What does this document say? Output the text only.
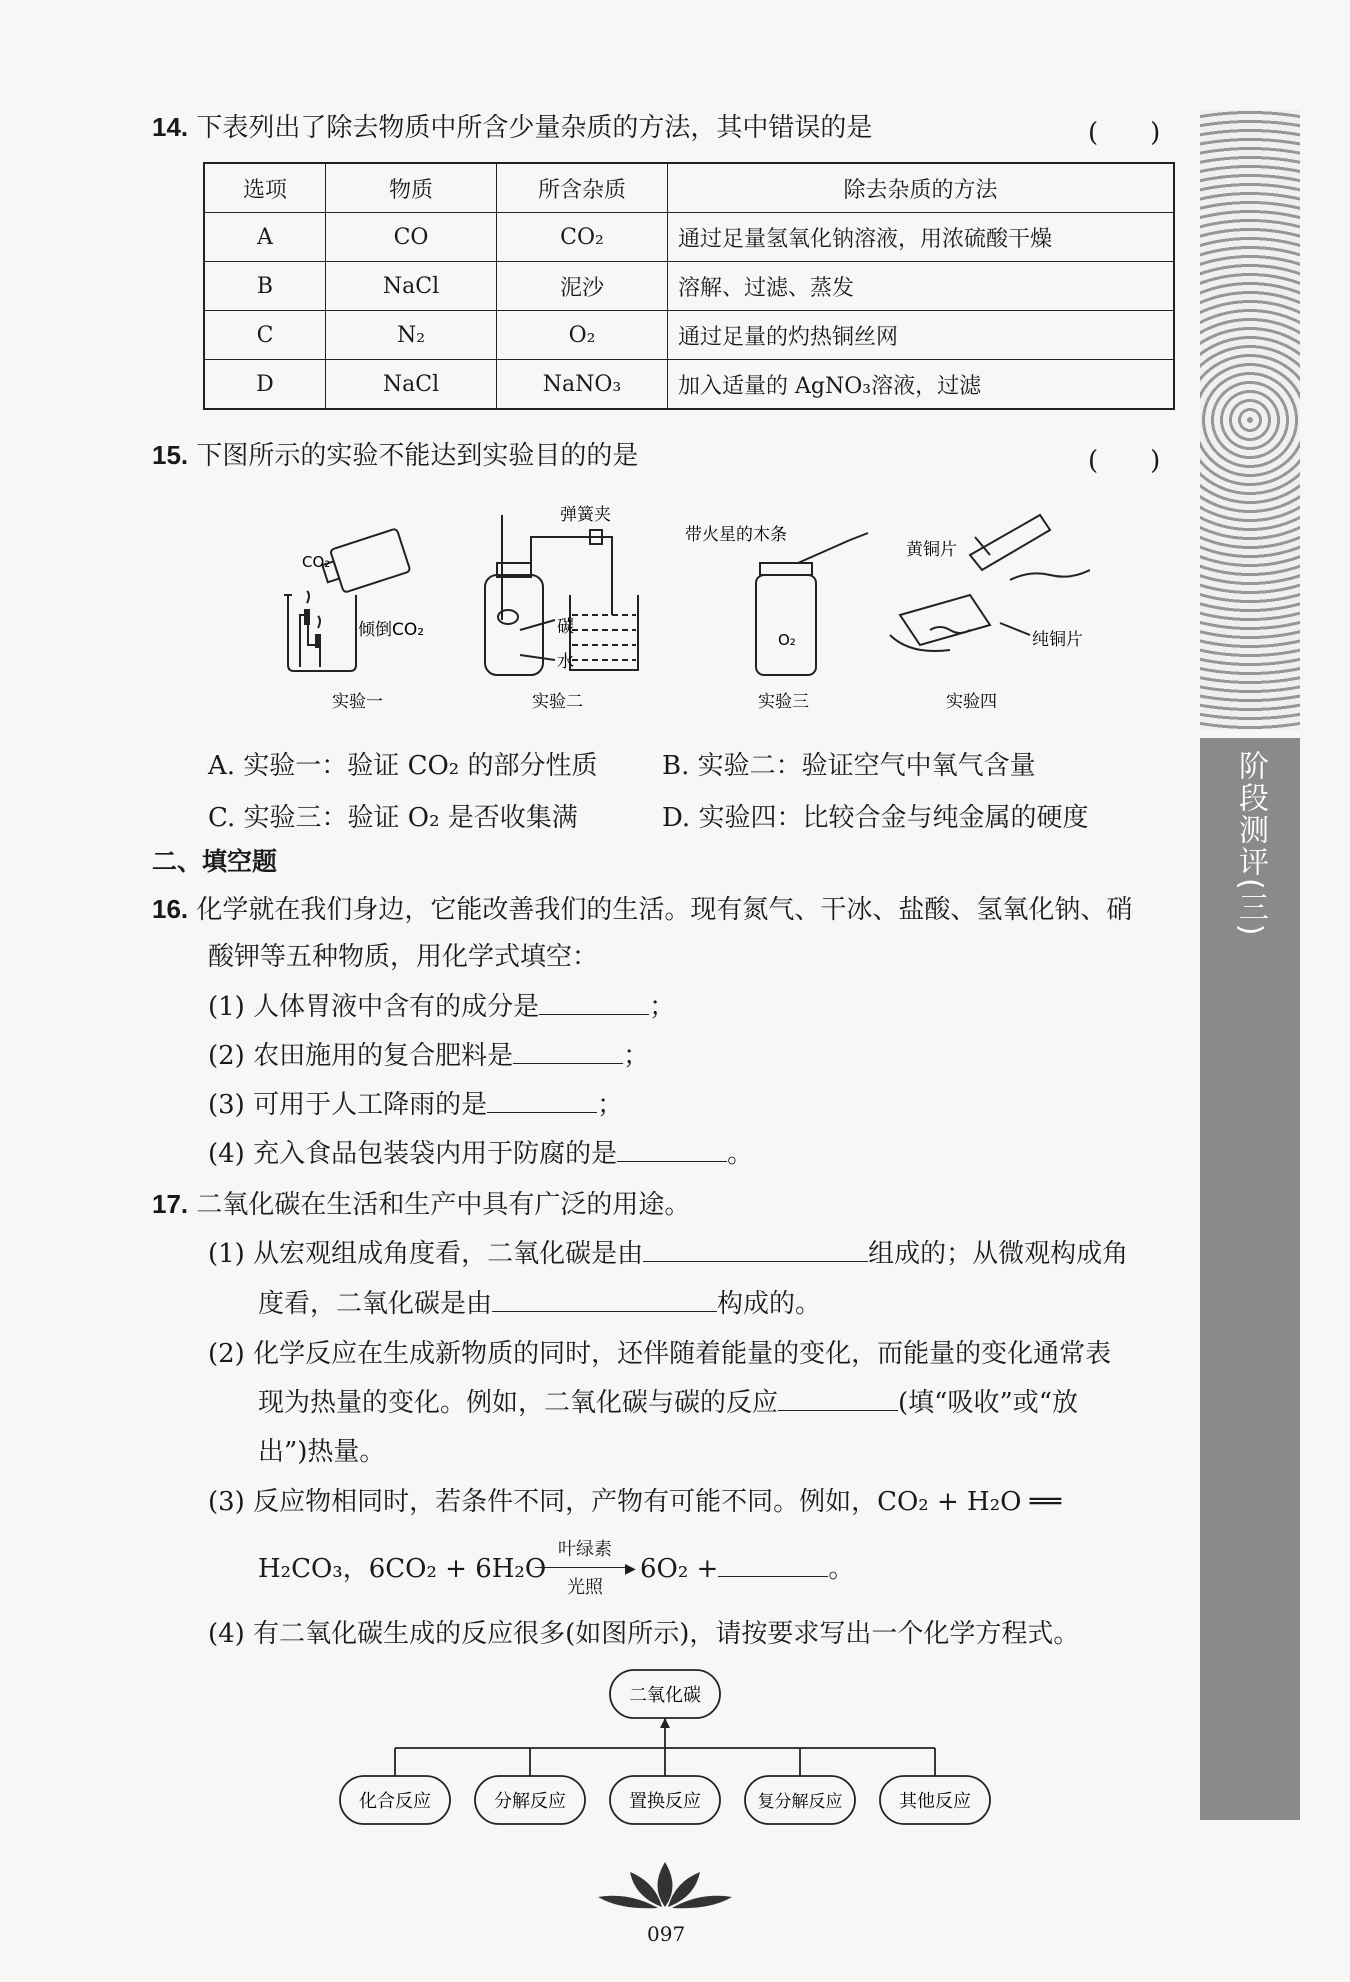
14. 下表列出了除去物质中所含少量杂质的方法，其中错误的是	(　　)
选项	物质	所含杂质	除去杂质的方法
A	CO	CO₂	通过足量氢氧化钠溶液，用浓硫酸干燥
B	NaCl	泥沙	溶解、过滤、蒸发
C	N₂	O₂	通过足量的灼热铜丝网
D	NaCl	NaNO₃	加入适量的 AgNO₃溶液，过滤
15. 下图所示的实验不能达到实验目的的是	(　　)
CO₂
倾倒CO₂
实验一
弹簧夹
碳
水
实验二
带火星的木条
O₂
实验三
黄铜片
纯铜片
实验四
A. 实验一：验证 CO₂ 的部分性质 B. 实验二：验证空气中氧气含量
C. 实验三：验证 O₂ 是否收集满	D. 实验四：比较合金与纯金属的硬度
二、填空题
16. 化学就在我们身边，它能改善我们的生活。现有氮气、干冰、盐酸、氢氧化钠、硝
酸钾等五种物质，用化学式填空：
(1) 人体胃液中含有的成分是	；
(2) 农田施用的复合肥料是	；
(3) 可用于人工降雨的是	；
(4) 充入食品包装袋内用于防腐的是	。
17. 二氧化碳在生活和生产中具有广泛的用途。
(1) 从宏观组成角度看，二氧化碳是由	组成的；从微观构成角
度看，二氧化碳是由	构成的。
(2) 化学反应在生成新物质的同时，还伴随着能量的变化，而能量的变化通常表
现为热量的变化。例如，二氧化碳与碳的反应	(填“吸收”或“放
出”)热量。
(3) 反应物相同时，若条件不同，产物有可能不同。例如，CO₂ + H₂O ══
H₂CO₃，6CO₂ + 6H₂O
叶绿素
▶
光照
6O₂ +	。
(4) 有二氧化碳生成的反应很多(如图所示)，请按要求写出一个化学方程式。
二氧化碳
化合反应	分解反应	置换反应	复分解反应	其他反应
阶段测评(三)
097
